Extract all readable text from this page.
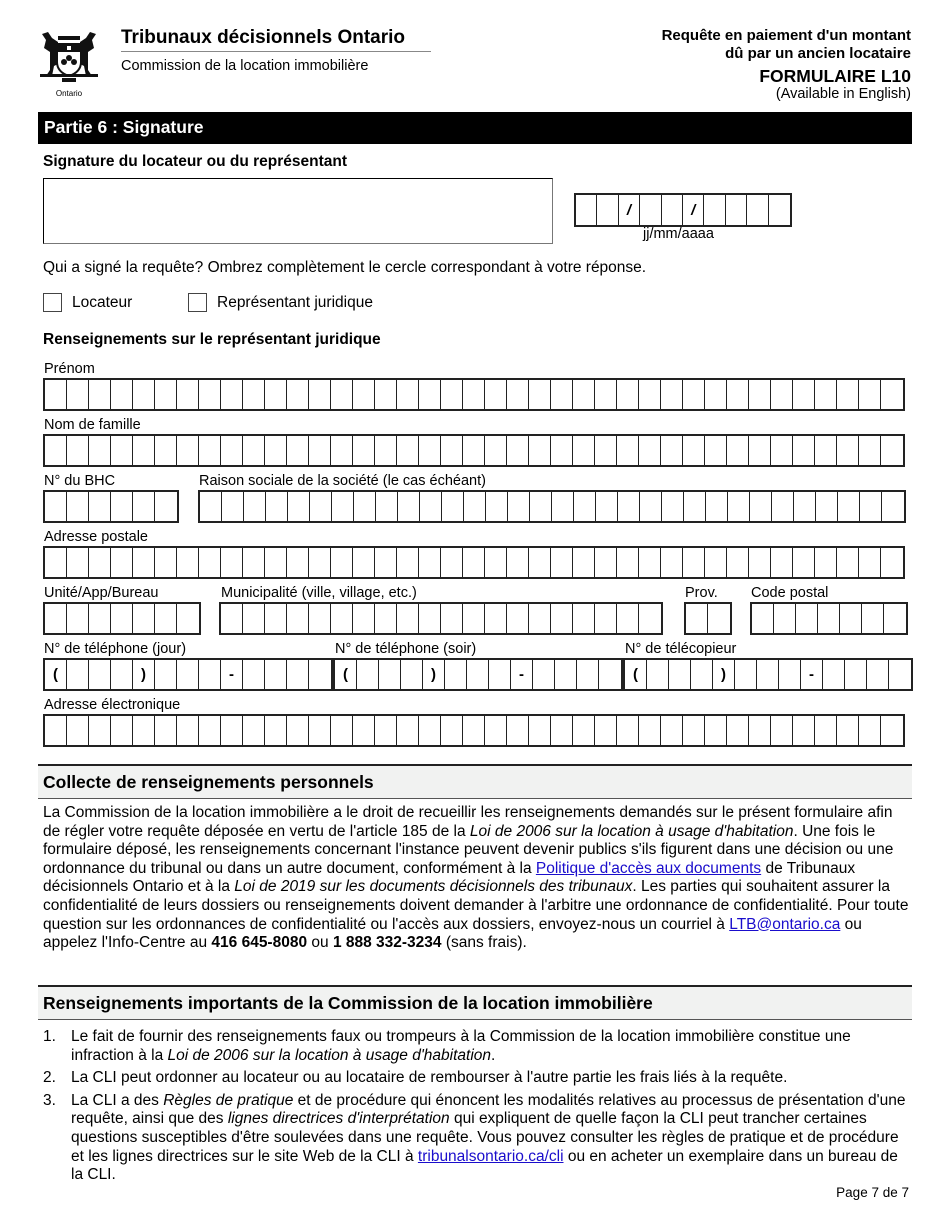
Ontario
Tribunaux décisionnels Ontario
Commission de la location immobilière
Requête en paiement d'un montant
dû par un ancien locataire
FORMULAIRE L10
(Available in English)
Partie 6 : Signature
Signature du locateur ou du représentant
/	/
jj/mm/aaaa
Qui a signé la requête? Ombrez complètement le cercle correspondant à votre réponse.
Locateur	Représentant juridique
Renseignements sur le représentant juridique
Prénom
Nom de famille
N° du BHC	Raison sociale de la société (le cas échéant)
Adresse postale
Unité/App/Bureau	Municipalité (ville, village, etc.)	Prov. Code postal
N° de téléphone (jour)
(	)	-
N° de téléphone (soir)
(	)	-
N° de télécopieur
(	)	-
Adresse électronique
Collecte de renseignements personnels
La Commission de la location immobilière a le droit de recueillir les renseignements demandés sur le présent formulaire afin de régler votre requête déposée en vertu de l'article 185 de la Loi de 2006 sur la location à usage d'habitation. Une fois le formulaire déposé, les renseignements concernant l'instance peuvent devenir publics s'ils figurent dans une décision ou une ordonnance du tribunal ou dans un autre document, conformément à la Politique d'accès aux documents de Tribunaux décisionnels Ontario et à la Loi de 2019 sur les documents décisionnels des tribunaux. Les parties qui souhaitent assurer la confidentialité de leurs dossiers ou renseignements doivent demander à l'arbitre une ordonnance de confidentialité. Pour toute question sur les ordonnances de confidentialité ou l'accès aux dossiers, envoyez-nous un courriel à LTB@ontario.ca ou appelez l'Info-Centre au 416 645-8080 ou 1 888 332-3234 (sans frais).
Renseignements importants de la Commission de la location immobilière
1. Le fait de fournir des renseignements faux ou trompeurs à la Commission de la location immobilière constitue une infraction à la Loi de 2006 sur la location à usage d'habitation.
2. La CLI peut ordonner au locateur ou au locataire de rembourser à l'autre partie les frais liés à la requête.
3. La CLI a des Règles de pratique et de procédure qui énoncent les modalités relatives au processus de présentation d'une requête, ainsi que des lignes directrices d'interprétation qui expliquent de quelle façon la CLI peut trancher certaines questions susceptibles d'être soulevées dans une requête. Vous pouvez consulter les règles de pratique et de procédure et les lignes directrices sur le site Web de la CLI à tribunalsontario.ca/cli ou en acheter un exemplaire dans un bureau de la CLI.
Page 7 de 7
